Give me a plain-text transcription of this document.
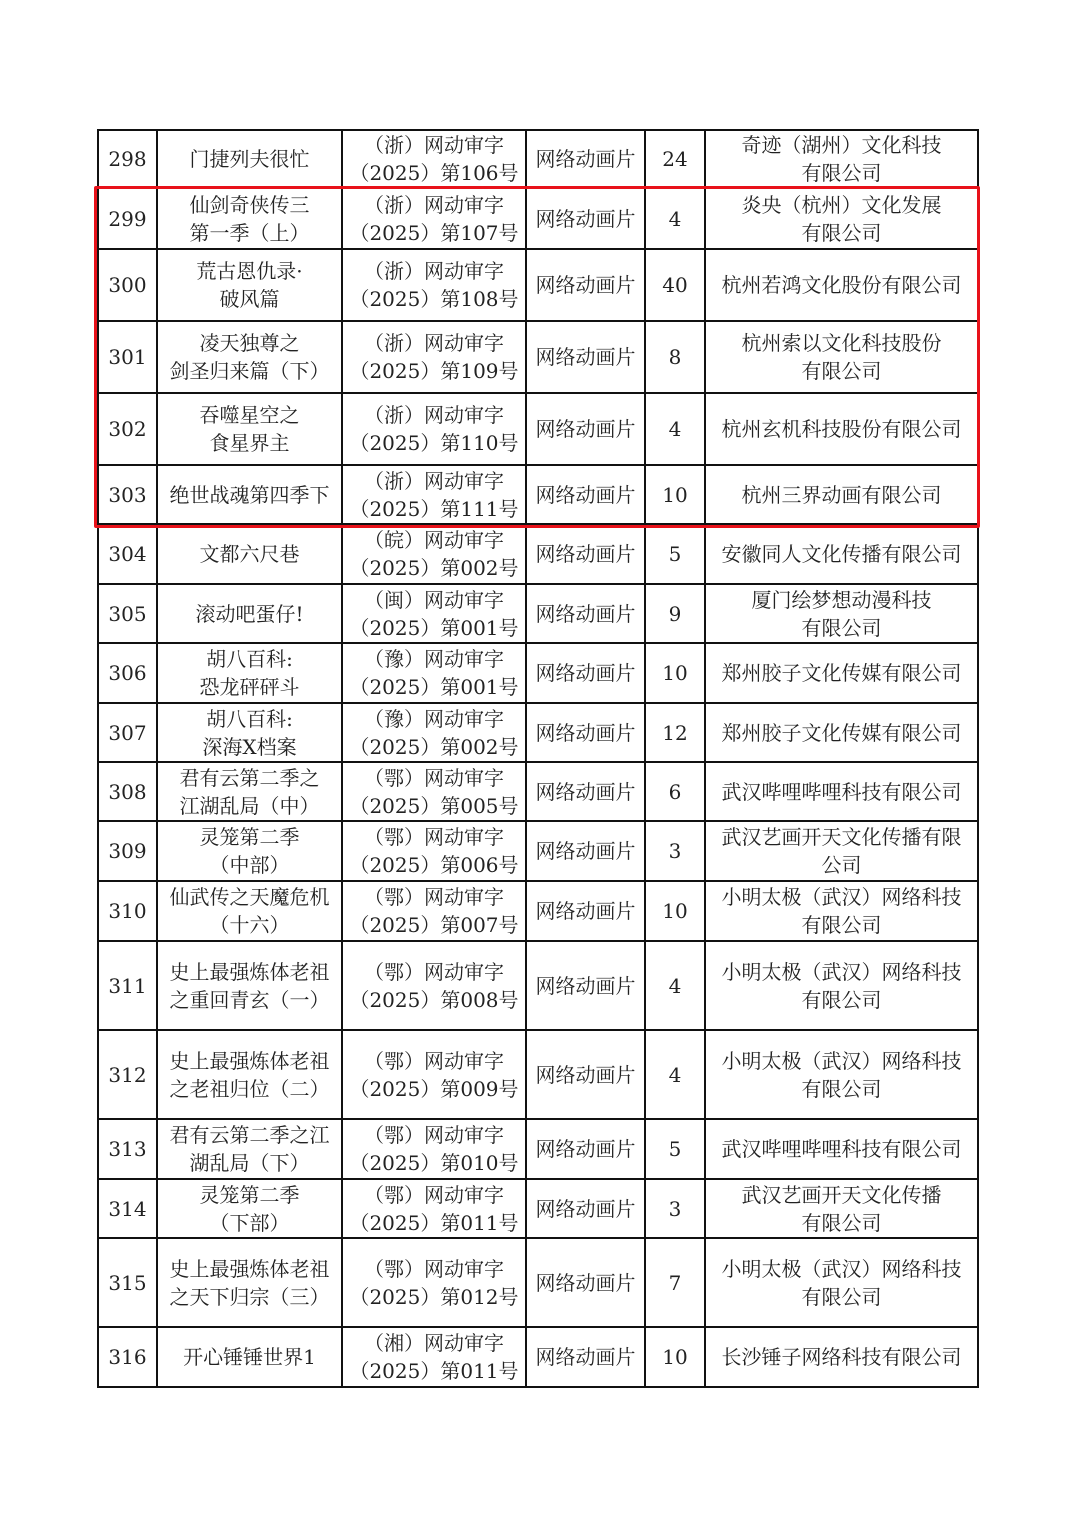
298	门捷列夫很忙	（浙）网动审字
（2025）第106号	网络动画片	24	奇迹（湖州）文化科技
有限公司
299	仙剑奇侠传三
第一季（上）	（浙）网动审字
（2025）第107号	网络动画片	4	炎央（杭州）文化发展
有限公司
300	荒古恩仇录·
破风篇	（浙）网动审字
（2025）第108号	网络动画片	40	杭州若鸿文化股份有限公司
301	凌天独尊之
剑圣归来篇（下）	（浙）网动审字
（2025）第109号	网络动画片	8	杭州索以文化科技股份
有限公司
302	吞噬星空之
食星界主	（浙）网动审字
（2025）第110号	网络动画片	4	杭州玄机科技股份有限公司
303	绝世战魂第四季下	（浙）网动审字
（2025）第111号	网络动画片	10	杭州三界动画有限公司
304	文都六尺巷	（皖）网动审字
（2025）第002号	网络动画片	5	安徽同人文化传播有限公司
305	滚动吧蛋仔!	（闽）网动审字
（2025）第001号	网络动画片	9	厦门绘梦想动漫科技
有限公司
306	胡八百科:
恐龙砰砰斗	（豫）网动审字
（2025）第001号	网络动画片	10	郑州胶子文化传媒有限公司
307	胡八百科:
深海X档案	（豫）网动审字
（2025）第002号	网络动画片	12	郑州胶子文化传媒有限公司
308	君有云第二季之
江湖乱局（中）	（鄂）网动审字
（2025）第005号	网络动画片	6	武汉哔哩哔哩科技有限公司
309	灵笼第二季
（中部）	（鄂）网动审字
（2025）第006号	网络动画片	3	武汉艺画开天文化传播有限
公司
310	仙武传之天魔危机
（十六）	（鄂）网动审字
（2025）第007号	网络动画片	10	小明太极（武汉）网络科技
有限公司
311	史上最强炼体老祖
之重回青玄（一）	（鄂）网动审字
（2025）第008号	网络动画片	4	小明太极（武汉）网络科技
有限公司
312	史上最强炼体老祖
之老祖归位（二）	（鄂）网动审字
（2025）第009号	网络动画片	4	小明太极（武汉）网络科技
有限公司
313	君有云第二季之江
湖乱局（下）	（鄂）网动审字
（2025）第010号	网络动画片	5	武汉哔哩哔哩科技有限公司
314	灵笼第二季
（下部）	（鄂）网动审字
（2025）第011号	网络动画片	3	武汉艺画开天文化传播
有限公司
315	史上最强炼体老祖
之天下归宗（三）	（鄂）网动审字
（2025）第012号	网络动画片	7	小明太极（武汉）网络科技
有限公司
316	开心锤锤世界1	（湘）网动审字
（2025）第011号	网络动画片	10	长沙锤子网络科技有限公司
